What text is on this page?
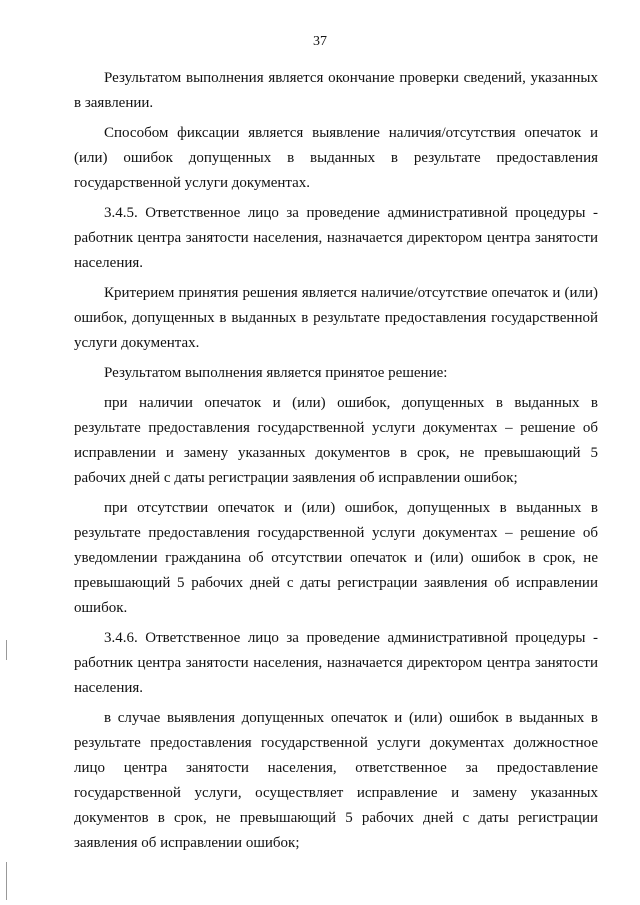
37

Результатом выполнения является окончание проверки сведений, указанных в заявлении.

Способом фиксации является выявление наличия/отсутствия опечаток и (или) ошибок допущенных в выданных в результате предоставления государственной услуги документах.

3.4.5. Ответственное лицо за проведение административной процедуры - работник центра занятости населения, назначается директором центра занятости населения.

Критерием принятия решения является наличие/отсутствие опечаток и (или) ошибок, допущенных в выданных в результате предоставления государственной услуги документах.

Результатом выполнения является принятое решение:

при наличии опечаток и (или) ошибок, допущенных в выданных в результате предоставления государственной услуги документах – решение об исправлении и замену указанных документов в срок, не превышающий 5 рабочих дней с даты регистрации заявления об исправлении ошибок;

при отсутствии опечаток и (или) ошибок, допущенных в выданных в результате предоставления государственной услуги документах – решение об уведомлении гражданина об отсутствии опечаток и (или) ошибок в срок, не превышающий 5 рабочих дней с даты регистрации заявления об исправлении ошибок.

3.4.6. Ответственное лицо за проведение административной процедуры - работник центра занятости населения, назначается директором центра занятости населения.

в случае выявления допущенных опечаток и (или) ошибок в выданных в результате предоставления государственной услуги документах должностное лицо центра занятости населения, ответственное за предоставление государственной услуги, осуществляет исправление и замену указанных документов в срок, не превышающий 5 рабочих дней с даты регистрации заявления об исправлении ошибок;
